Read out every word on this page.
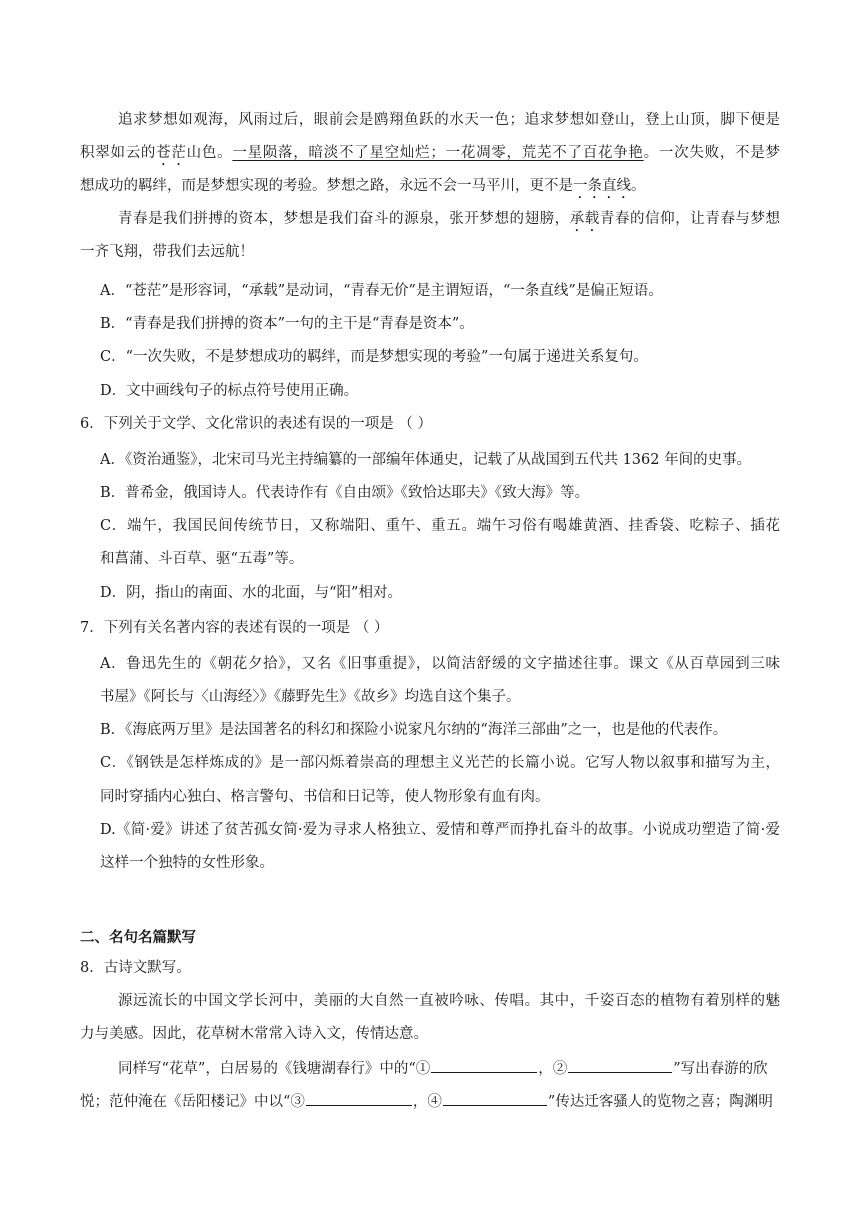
追求梦想如观海，风雨过后，眼前会是鸥翔鱼跃的水天一色；追求梦想如登山，登上山顶，脚下便是
积翠如云的苍茫山色。一星陨落，暗淡不了星空灿烂；一花凋零，荒芜不了百花争艳。一次失败，不是梦
想成功的羁绊，而是梦想实现的考验。梦想之路，永远不会一马平川，更不是一条直线。
青春是我们拼搏的资本，梦想是我们奋斗的源泉，张开梦想的翅膀，承载青春的信仰，让青春与梦想
一齐飞翔，带我们去远航！
A．“苍茫”是形容词，“承载”是动词，“青春无价”是主谓短语，“一条直线”是偏正短语。
B．“青春是我们拼搏的资本”一句的主干是“青春是资本”。
C．“一次失败，不是梦想成功的羁绊，而是梦想实现的考验”一句属于递进关系复句。
D．文中画线句子的标点符号使用正确。
6．下列关于文学、文化常识的表述有误的一项是 （ ）
A．《资治通鉴》，北宋司马光主持编纂的一部编年体通史，记载了从战国到五代共 1362 年间的史事。
B．普希金，俄国诗人。代表诗作有《自由颂》《致恰达耶夫》《致大海》等。
C．端午，我国民间传统节日，又称端阳、重午、重五。端午习俗有喝雄黄酒、挂香袋、吃粽子、插花
和菖蒲、斗百草、驱“五毒”等。
D．阴，指山的南面、水的北面，与“阳”相对。
7．下列有关名著内容的表述有误的一项是 （ ）
A．鲁迅先生的《朝花夕拾》，又名《旧事重提》，以简洁舒缓的文字描述往事。课文《从百草园到三味
书屋》《阿长与〈山海经〉》《藤野先生》《故乡》均选自这个集子。
B．《海底两万里》是法国著名的科幻和探险小说家凡尔纳的“海洋三部曲”之一，也是他的代表作。
C．《钢铁是怎样炼成的》是一部闪烁着崇高的理想主义光芒的长篇小说。它写人物以叙事和描写为主，
同时穿插内心独白、格言警句、书信和日记等，使人物形象有血有肉。
D.《简·爱》讲述了贫苦孤女简·爱为寻求人格独立、爱情和尊严而挣扎奋斗的故事。小说成功塑造了简·爱
这样一个独特的女性形象。
二、名句名篇默写
8．古诗文默写。
源远流长的中国文学长河中，美丽的大自然一直被吟咏、传唱。其中，千姿百态的植物有着别样的魅
力与美感。因此，花草树木常常入诗入文，传情达意。
同样写“花草”，白居易的《钱塘湖春行》中的“①	，②	”写出春游的欣
悦；范仲淹在《岳阳楼记》中以“③	，④	”传达迁客骚人的览物之喜；陶渊明
